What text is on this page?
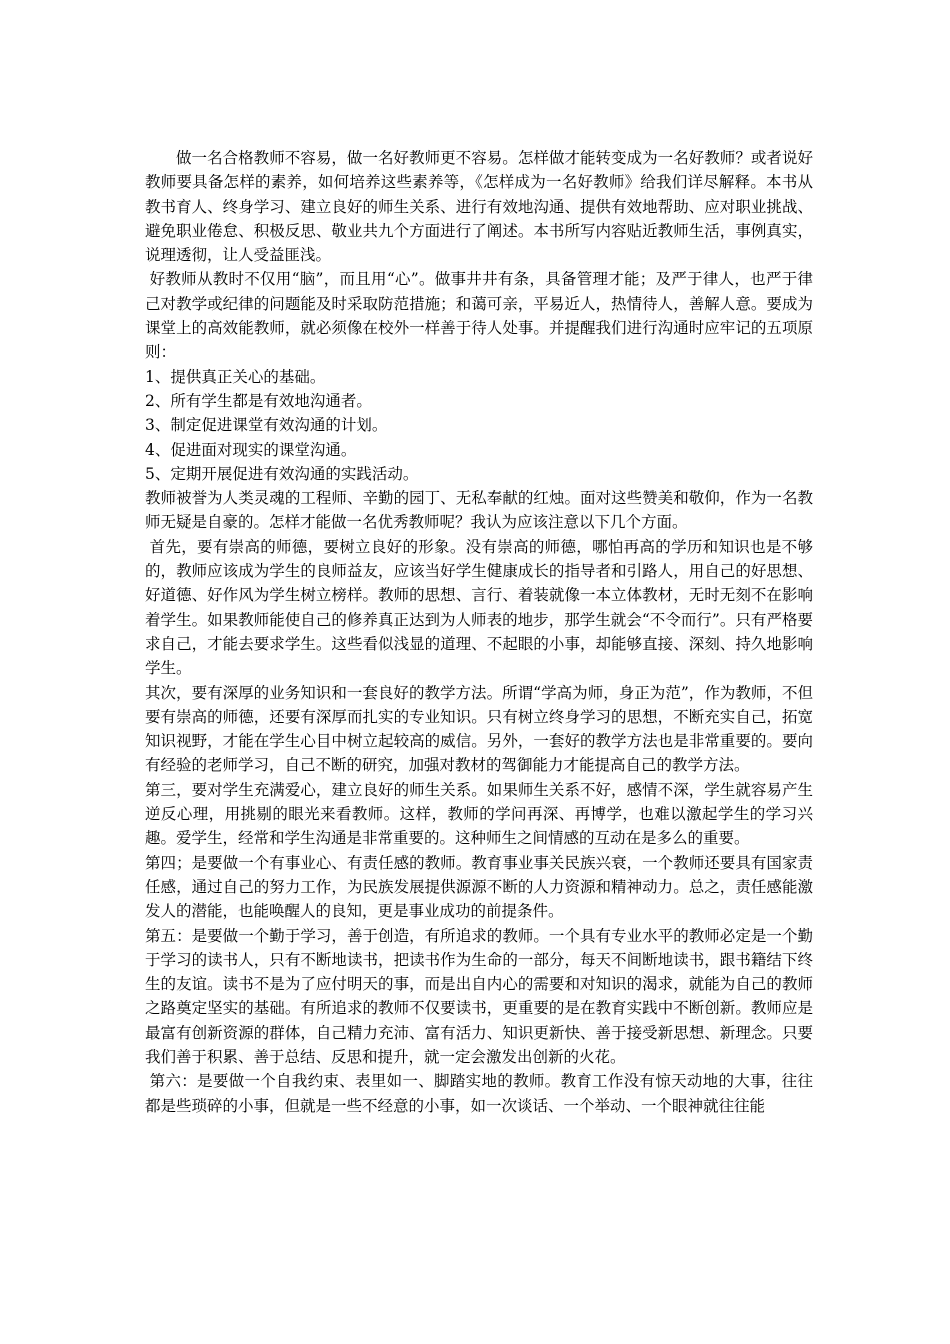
做一名合格教师不容易，做一名好教师更不容易。怎样做才能转变成为一名好教师？或者说好教师要具备怎样的素养，如何培养这些素养等，《怎样成为一名好教师》给我们详尽解释。本书从教书育人、终身学习、建立良好的师生关系、进行有效地沟通、提供有效地帮助、应对职业挑战、避免职业倦怠、积极反思、敬业共九个方面进行了阐述。本书所写内容贴近教师生活，事例真实，说理透彻，让人受益匪浅。

好教师从教时不仅用“脑”，而且用“心”。做事井井有条，具备管理才能；及严于律人，也严于律己对教学或纪律的问题能及时采取防范措施；和蔼可亲，平易近人，热情待人，善解人意。要成为课堂上的高效能教师，就必须像在校外一样善于待人处事。并提醒我们进行沟通时应牢记的五项原则：

1、提供真正关心的基础。

2、所有学生都是有效地沟通者。

3、制定促进课堂有效沟通的计划。

4、促进面对现实的课堂沟通。

5、定期开展促进有效沟通的实践活动。

教师被誉为人类灵魂的工程师、辛勤的园丁、无私奉献的红烛。面对这些赞美和敬仰，作为一名教师无疑是自豪的。怎样才能做一名优秀教师呢？我认为应该注意以下几个方面。

首先，要有崇高的师德，要树立良好的形象。没有崇高的师德，哪怕再高的学历和知识也是不够的，教师应该成为学生的良师益友，应该当好学生健康成长的指导者和引路人，用自己的好思想、好道德、好作风为学生树立榜样。教师的思想、言行、着装就像一本立体教材，无时无刻不在影响着学生。如果教师能使自己的修养真正达到为人师表的地步，那学生就会“不令而行”。只有严格要求自己，才能去要求学生。这些看似浅显的道理、不起眼的小事，却能够直接、深刻、持久地影响学生。

其次，要有深厚的业务知识和一套良好的教学方法。所谓“学高为师，身正为范”，作为教师，不但要有崇高的师德，还要有深厚而扎实的专业知识。只有树立终身学习的思想，不断充实自己，拓宽知识视野，才能在学生心目中树立起较高的威信。另外，一套好的教学方法也是非常重要的。要向有经验的老师学习，自己不断的研究，加强对教材的驾御能力才能提高自己的教学方法。

第三，要对学生充满爱心，建立良好的师生关系。如果师生关系不好，感情不深，学生就容易产生逆反心理，用挑剔的眼光来看教师。这样，教师的学问再深、再博学，也难以激起学生的学习兴趣。爱学生，经常和学生沟通是非常重要的。这种师生之间情感的互动在是多么的重要。

第四；是要做一个有事业心、有责任感的教师。教育事业事关民族兴衰，一个教师还要具有国家责任感，通过自己的努力工作，为民族发展提供源源不断的人力资源和精神动力。总之，责任感能激发人的潜能，也能唤醒人的良知，更是事业成功的前提条件。

第五：是要做一个勤于学习，善于创造，有所追求的教师。一个具有专业水平的教师必定是一个勤于学习的读书人，只有不断地读书，把读书作为生命的一部分，每天不间断地读书，跟书籍结下终生的友谊。读书不是为了应付明天的事，而是出自内心的需要和对知识的渴求，就能为自己的教师之路奠定坚实的基础。有所追求的教师不仅要读书，更重要的是在教育实践中不断创新。教师应是最富有创新资源的群体，自己精力充沛、富有活力、知识更新快、善于接受新思想、新理念。只要我们善于积累、善于总结、反思和提升，就一定会激发出创新的火花。

第六：是要做一个自我约束、表里如一、脚踏实地的教师。教育工作没有惊天动地的大事，往往都是些琐碎的小事，但就是一些不经意的小事，如一次谈话、一个举动、一个眼神就往往能
